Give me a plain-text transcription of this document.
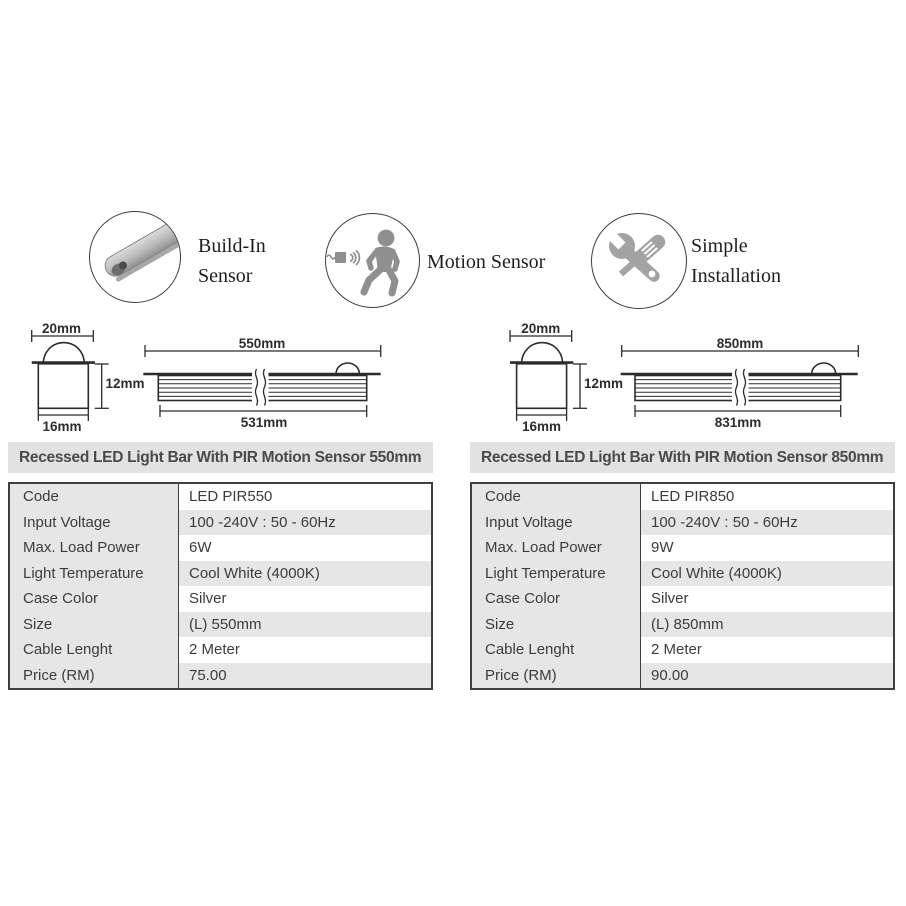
Build-In
Sensor
Motion Sensor
Simple
Installation
20mm
12mm
16mm
550mm
531mm
20mm
12mm
16mm
850mm
831mm
Recessed LED Light Bar With PIR Motion Sensor 550mm	Recessed LED Light Bar With PIR Motion Sensor 850mm
Code	LED PIR550
Input Voltage	100 -240V : 50 - 60Hz
Max. Load Power	6W
Light Temperature	Cool White (4000K)
Case Color	Silver
Size	(L) 550mm
Cable Lenght	2 Meter
Price (RM)	75.00
Code	LED PIR850
Input Voltage	100 -240V : 50 - 60Hz
Max. Load Power	9W
Light Temperature	Cool White (4000K)
Case Color	Silver
Size	(L) 850mm
Cable Lenght	2 Meter
Price (RM)	90.00
